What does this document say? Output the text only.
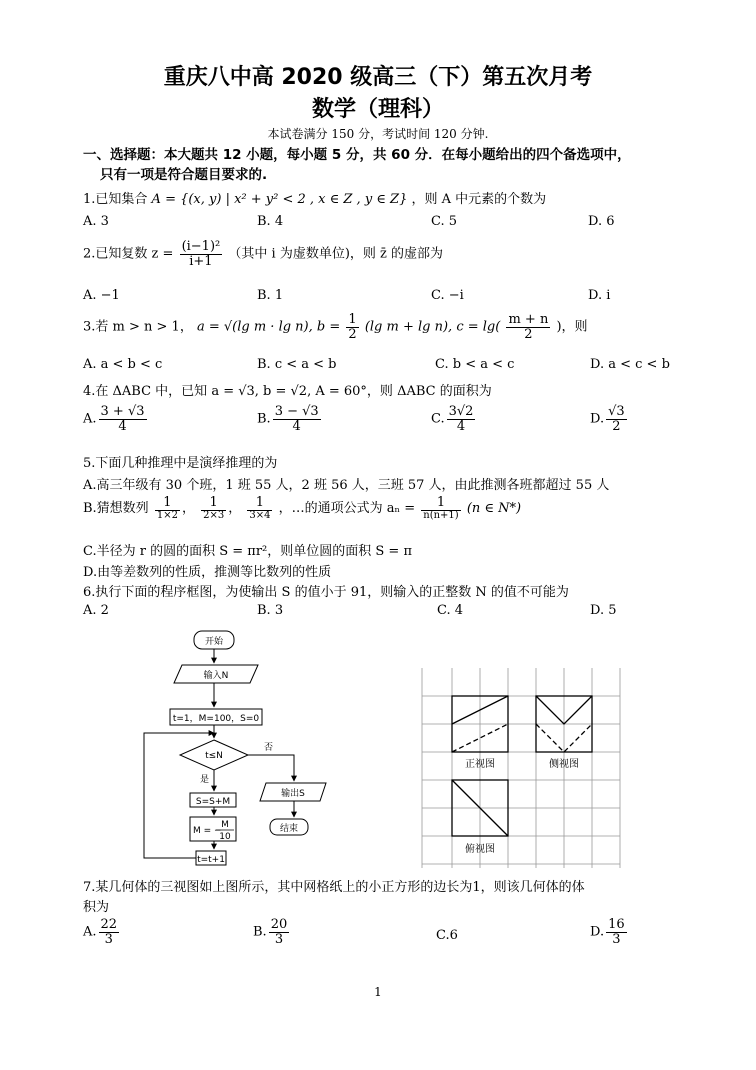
重庆八中高 2020 级高三（下）第五次月考
数学（理科）
本试卷满分 150 分，考试时间 120 分钟.
一、选择题：本大题共 12 小题，每小题 5 分，共 60 分．在每小题给出的四个备选项中，
只有一项是符合题目要求的.
1.已知集合 A = {(x, y) | x² + y² < 2 , x ∈ Z , y ∈ Z} ，则 A 中元素的个数为
A. 3	B. 4	C. 5	D. 6
2.已知复数 $z = \frac{\text{(i−1)²}}{i+1}$ （其中 i 为虚数单位)，则 z̄ 的虚部为
A. −1	B. 1	C. −i	D. i
3.若 m > n > 1， a = √(lg m · lg n), $b = \frac{1}{2} (\lg$ m + lg n), $c = \lg( \frac{m + n}{2}$ )，则
A. a < b < c	B. c < a < b	C. b < a < c	D. a < c < b
4.在 ΔABC 中，已知 a = √3, b = √2, A = 60°，则 ΔABC 的面积为
A. $\frac{3 + √3}{4}$	B. $\frac{3 - √3}{4}$	C. $\frac{3√2}{4}$	D. $\frac{√3}{2}$
5.下面几种推理中是演绎推理的为
A.高三年级有 30 个班，1 班 55 人，2 班 56 人，三班 57 人，由此推测各班都超过 55 人
B.猜想数列 $\frac{1}{1\times 2}$ ， $\frac{1}{2\times 3}$ ， $\frac{1}{3\times 4}$ ，…的通项公式为 $a_n = \frac{1}{n(n+1)} (n$ ∈ N*)
C.半径为 r 的圆的面积 S = πr²，则单位圆的面积 S = π
D.由等差数列的性质，推测等比数列的性质
6.执行下面的程序框图，为使输出 S 的值小于 91，则输入的正整数 N 的值不可能为
A. 2	B. 3	C. 4	D. 5
开始
输入N
t=1，M=100，S=0
t≤N
否
是
S=S+M
M = −
M
10
t=t+1
输出S
结束
正视图	侧视图
俯视图
7.某几何体的三视图如上图所示，其中网格纸上的小正方形的边长为1，则该几何体的体
积为
A. $\frac{22}{3}$	B. $\frac{20}{3}$	C.6	D. $\frac{16}{3}$
1
